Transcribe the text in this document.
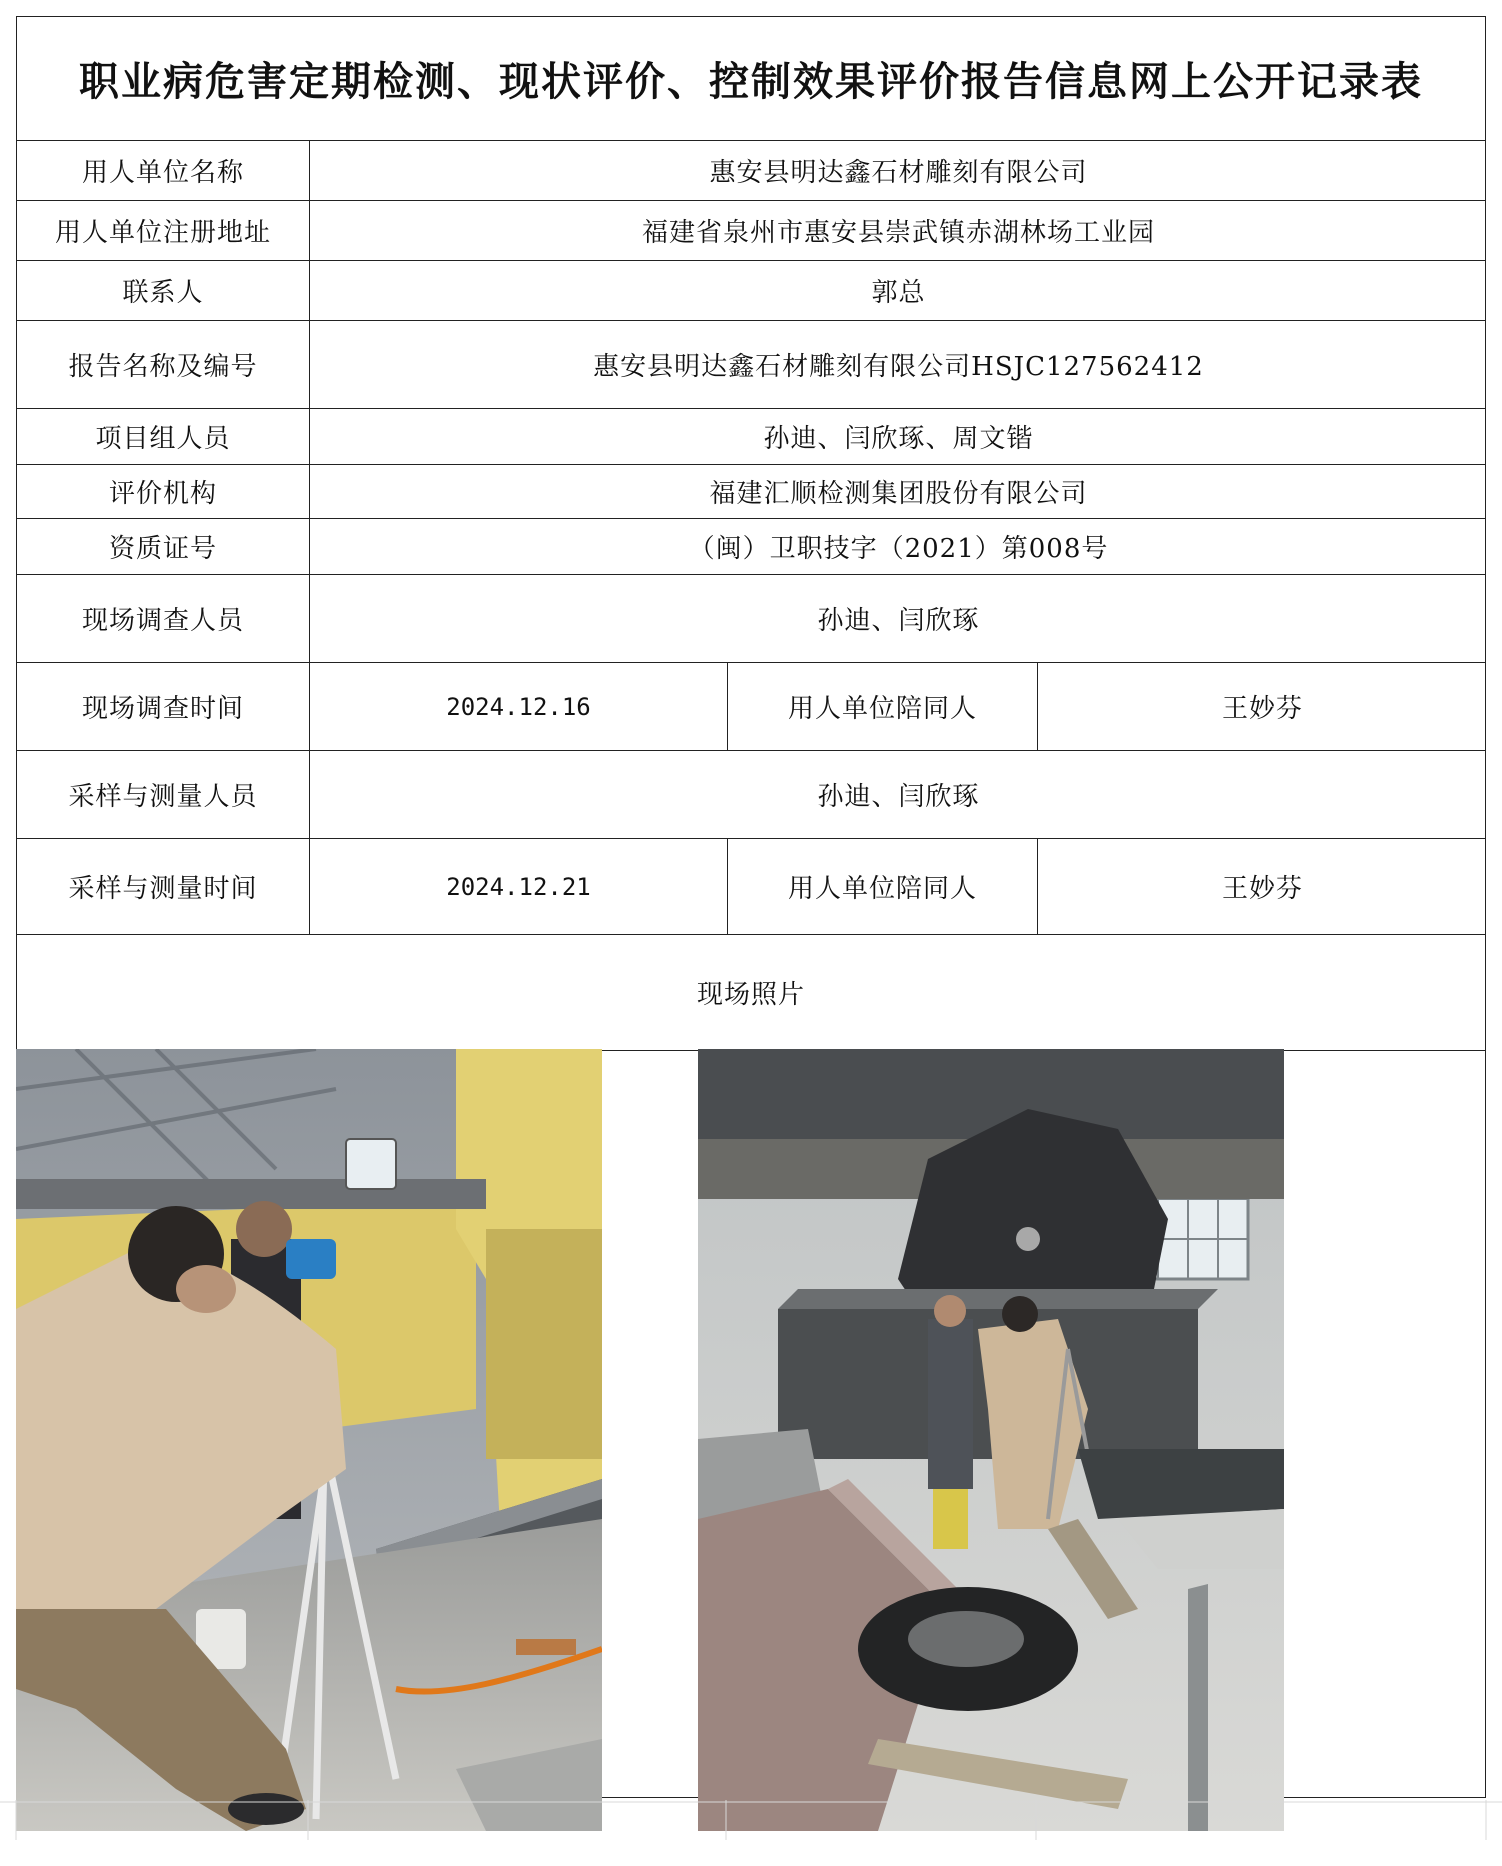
职业病危害定期检测、现状评价、控制效果评价报告信息网上公开记录表
用人单位名称	惠安县明达鑫石材雕刻有限公司
用人单位注册地址	福建省泉州市惠安县崇武镇赤湖林场工业园
联系人	郭总
报告名称及编号	惠安县明达鑫石材雕刻有限公司HSJC127562412
项目组人员	孙迪、闫欣琢、周文锴
评价机构	福建汇顺检测集团股份有限公司
资质证号	（闽）卫职技字（2021）第008号
现场调查人员	孙迪、闫欣琢
现场调查时间	2024.12.16	用人单位陪同人	王妙芬
采样与测量人员	孙迪、闫欣琢
采样与测量时间	2024.12.21	用人单位陪同人	王妙芬
现场照片
